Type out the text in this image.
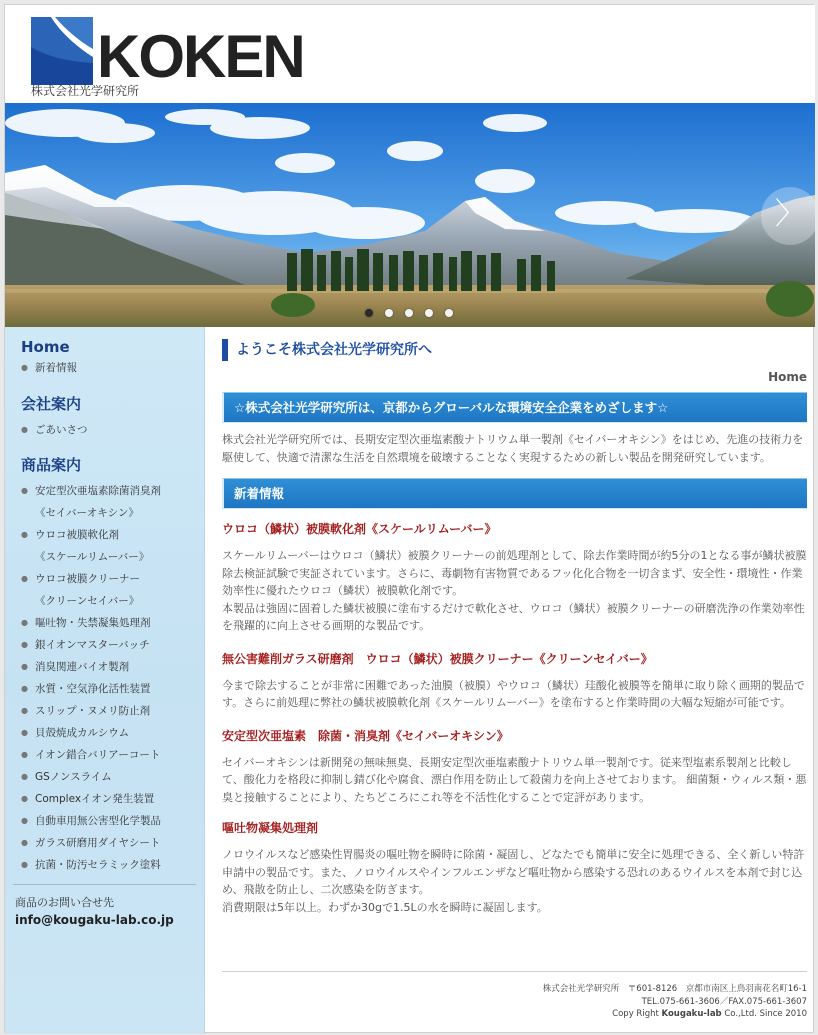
KOKEN
株式会社光学研究所
〉
Home
● 新着情報
会社案内
● ごあいさつ
商品案内
● 安定型次亜塩素除菌消臭剤
《セイバーオキシン》
● ウロコ被膜軟化剤
《スケールリムーバー》
● ウロコ被膜クリーナー
《クリーンセイバー》
● 嘔吐物・失禁凝集処理剤
● 銀イオンマスターバッチ
● 消臭関連バイオ製剤
● 水質・空気浄化活性装置
● スリップ・ヌメリ防止剤
● 貝殻焼成カルシウム
● イオン錯合バリアーコート
● GSノンスライム
● Complexイオン発生装置
● 自動車用無公害型化学製品
● ガラス研磨用ダイヤシート
● 抗菌・防汚セラミック塗料
商品のお問い合せ先
info@kougaku-lab.co.jp
ようこそ株式会社光学研究所へ
Home
☆株式会社光学研究所は、京都からグローバルな環境安全企業をめざします☆

株式会社光学研究所では、長期安定型次亜塩素酸ナトリウム単一製剤《セイバーオキシン》をはじめ、先進の技術力を駆使して、快適で清潔な生活を自然環境を破壊することなく実現するための新しい製品を開発研究しています。

新着情報
ウロコ（鱗状）被膜軟化剤《スケールリムーバー》

スケールリムーバーはウロコ（鱗状）被膜クリーナーの前処理剤として、除去作業時間が約5分の1となる事が鱗状被膜除去検証試験で実証されています。さらに、毒劇物有害物質であるフッ化化合物を一切含まず、安全性・環境性・作業効率性に優れたウロコ（鱗状）被膜軟化剤です。

本製品は強固に固着した鱗状被膜に塗布するだけで軟化させ、ウロコ（鱗状）被膜クリーナーの研磨洗浄の作業効率性を飛躍的に向上させる画期的な製品です。

無公害難削ガラス研磨剤　ウロコ（鱗状）被膜クリーナー《クリーンセイバー》

今まで除去することが非常に困難であった油膜（被膜）やウロコ（鱗状）珪酸化被膜等を簡単に取り除く画期的製品です。さらに前処理に弊社の鱗状被膜軟化剤《スケールリムーバー》を塗布すると作業時間の大幅な短縮が可能です。

安定型次亜塩素　除菌・消臭剤《セイバーオキシン》

セイバーオキシンは新開発の無味無臭、長期安定型次亜塩素酸ナトリウム単一製剤です。従来型塩素系製剤と比較して、酸化力を格段に抑制し錆び化や腐食、漂白作用を防止して殺菌力を向上させております。 細菌類・ウィルス類・悪臭と接触することにより、たちどころにこれ等を不活性化することで定評があります。

嘔吐物凝集処理剤

ノロウイルスなど感染性胃腸炎の嘔吐物を瞬時に除菌・凝固し、どなたでも簡単に安全に処理できる、全く新しい特許申請中の製品です。また、ノロウイルスやインフルエンザなど嘔吐物から感染する恐れのあるウイルスを本剤で封じ込め、飛散を防止し、二次感染を防ぎます。

消費期限は5年以上。わずか30gで1.5Lの水を瞬時に凝固します。

株式会社光学研究所　〒601-8126　京都市南区上鳥羽南花名町16-1
TEL.075-661-3606／FAX.075-661-3607
Copy Right Kougaku-lab Co.,Ltd. Since 2010
